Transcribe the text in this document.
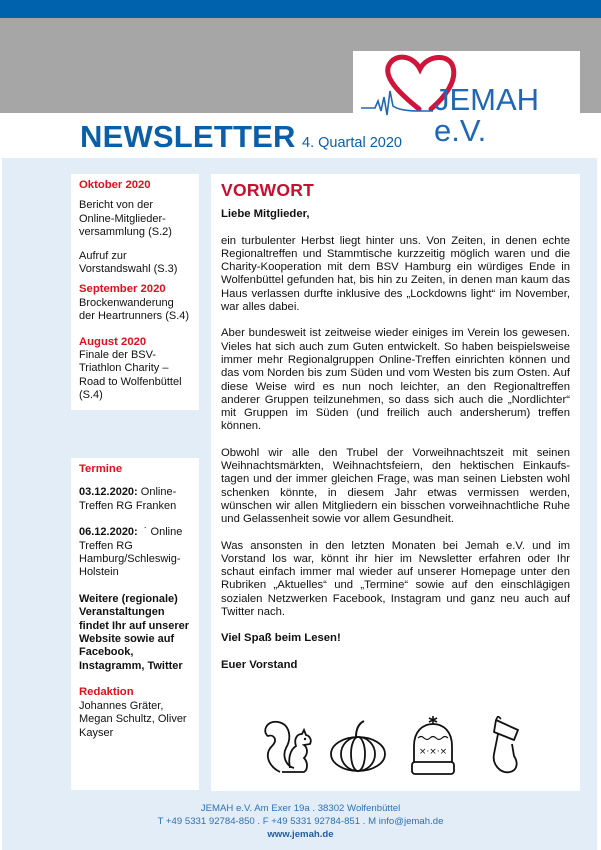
JEMAH e.V.
NEWSLETTER 4. Quartal 2020

Oktober 2020

Bericht von der Online-Mitglieder-versammlung (S.2)

Aufruf zur Vorstandswahl (S.3)

September 2020

Brockenwanderung der Heartrunners (S.4)

August 2020

Finale der BSV-Triathlon Charity – Road to Wolfenbüttel (S.4)

Termine

03.12.2020: Online-Treffen RG Franken

06.12.2020:  ˙ Online Treffen RG Hamburg/Schleswig-Holstein

Weitere (regionale) Veranstaltungen findet Ihr auf unserer Website sowie auf Facebook, Instagramm, Twitter

Redaktion

Johannes Gräter, Megan Schultz, Oliver Kayser

VORWORT

Liebe Mitglieder,

ein turbulenter Herbst liegt hinter uns. Von Zeiten, in denen echte Regionaltreffen und Stammtische kurzzeitig möglich waren und die Charity-Kooperation mit dem BSV Hamburg ein würdiges Ende in Wolfenbüttel gefunden hat, bis hin zu Zeiten, in denen man kaum das Haus verlassen durfte inklusive des „Lockdowns light“ im November, war alles dabei.

Aber bundesweit ist zeitweise wieder einiges im Verein los gewesen. Vieles hat sich auch zum Guten entwickelt. So haben beispielsweise immer mehr Regionalgruppen Online-Treffen einrichten können und das vom Norden bis zum Süden und vom Westen bis zum Osten. Auf diese Weise wird es nun noch leichter, an den Regionaltreffen anderer Gruppen teilzunehmen, so dass sich auch die „Nordlichter“ mit Gruppen im Süden (und freilich auch andersherum) treffen können.

Obwohl wir alle den Trubel der Vorweihnachtszeit mit seinen Weihnachtsmärkten, Weihnachtsfeiern, den hektischen Einkaufs-tagen und der immer gleichen Frage, was man seinen Liebsten wohl schenken könnte, in diesem Jahr etwas vermissen werden, wünschen wir allen Mitgliedern ein bisschen vorweihnachtliche Ruhe und Gelassenheit sowie vor allem Gesundheit.

Was ansonsten in den letzten Monaten bei Jemah e.V. und im Vorstand los war, könnt ihr hier im Newsletter erfahren oder Ihr schaut einfach immer mal wieder auf unserer Homepage unter den Rubriken „Aktuelles“ und „Termine“ sowie auf den einschlägigen sozialen Netzwerken Facebook, Instagram und ganz neu auch auf Twitter nach.

Viel Spaß beim Lesen!

Euer Vorstand

×·×·×
JEMAH e.V. Am Exer 19a . 38302 Wolfenbüttel
T +49 5331 92784-850 . F +49 5331 92784-851 . M info@jemah.de
www.jemah.de
